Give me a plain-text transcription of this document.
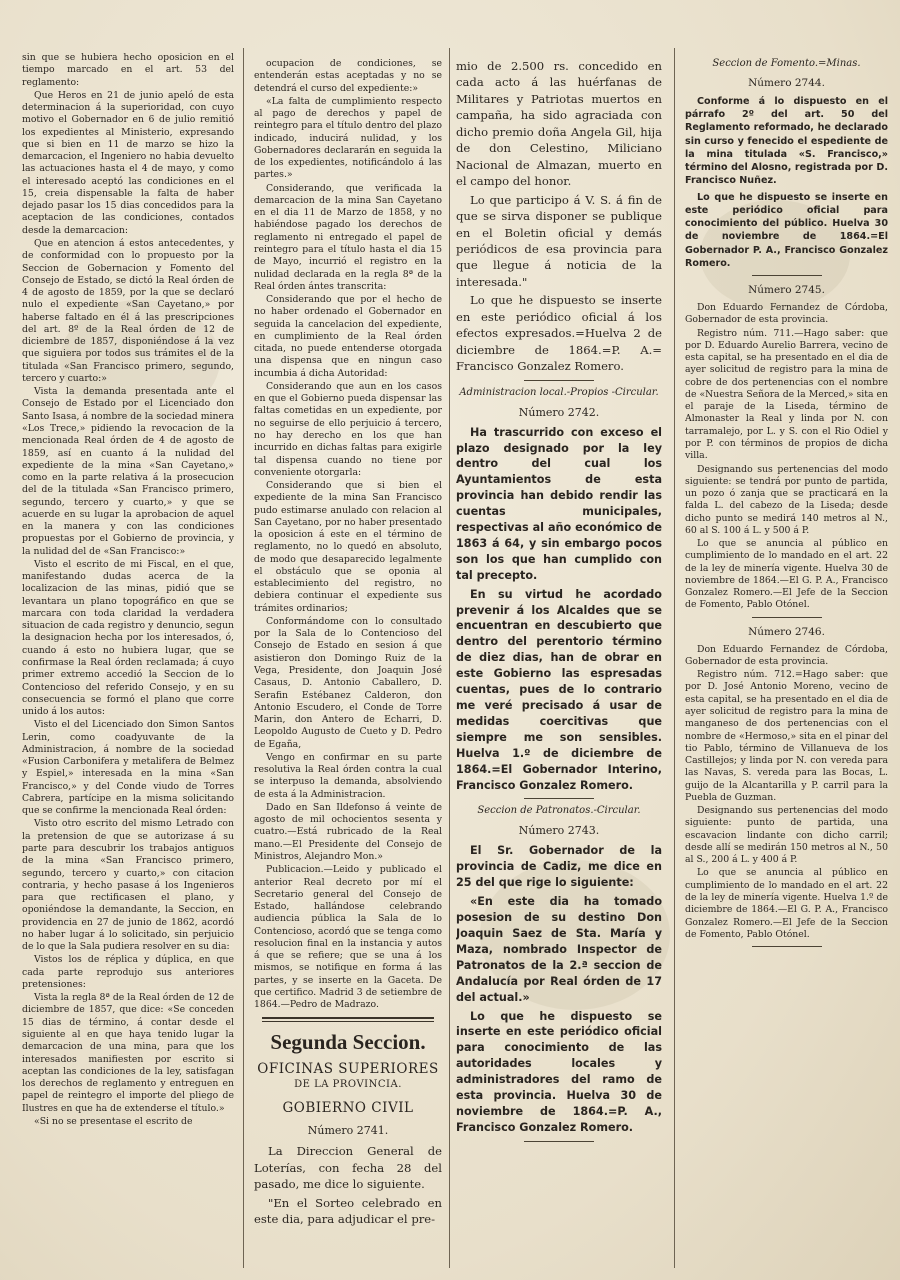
sin que se hubiera hecho oposicion en el tiempo marcado en el art. 53 del reglamento:

Que Heros en 21 de junio apeló de esta determinacion á la superioridad, con cuyo motivo el Gobernador en 6 de julio remitió los expedientes al Ministerio, expresando que si bien en 11 de marzo se hizo la demarcacion, el Ingeniero no habia devuelto las actuaciones hasta el 4 de mayo, y como el interesado aceptó las condiciones en el 15, creia dispensable la falta de haber dejado pasar los 15 dias concedidos para la aceptacion de las condiciones, contados desde la demarcacion:

Que en atencion á estos antecedentes, y de conformidad con lo propuesto por la Seccion de Gobernacion y Fomento del Consejo de Estado, se dictó la Real órden de 4 de agosto de 1859, por la que se declaró nulo el expediente «San Cayetano,» por haberse faltado en él á las prescripciones del art. 8º de la Real órden de 12 de diciembre de 1857, disponiéndose á la vez que siguiera por todos sus trámites el de la titulada «San Francisco primero, segundo, tercero y cuarto:»

Vista la demanda presentada ante el Consejo de Estado por el Licenciado don Santo Isasa, á nombre de la sociedad minera «Los Trece,» pidiendo la revocacion de la mencionada Real órden de 4 de agosto de 1859, así en cuanto á la nulidad del expediente de la mina «San Cayetano,» como en la parte relativa á la prosecucion del de la titulada «San Francisco primero, segundo, tercero y cuarto,» y que se acuerde en su lugar la aprobacion de aquel en la manera y con las condiciones propuestas por el Gobierno de provincia, y la nulidad del de «San Francisco:»

Visto el escrito de mi Fiscal, en el que, manifestando dudas acerca de la localizacion de las minas, pidió que se levantara un plano topográfico en que se marcara con toda claridad la verdadera situacion de cada registro y denuncio, segun la designacion hecha por los interesados, ó, cuando á esto no hubiera lugar, que se confirmase la Real órden reclamada; á cuyo primer extremo accedió la Seccion de lo Contencioso del referido Consejo, y en su consecuencia se formó el plano que corre unido á los autos:

Visto el del Licenciado don Simon Santos Lerin, como coadyuvante de la Administracion, á nombre de la sociedad «Fusion Carbonifera y metalifera de Belmez y Espiel,» interesada en la mina «San Francisco,» y del Conde viudo de Torres Cabrera, partícipe en la misma solicitando que se confirme la mencionada Real órden:

Visto otro escrito del mismo Letrado con la pretension de que se autorizase á su parte para descubrir los trabajos antiguos de la mina «San Francisco primero, segundo, tercero y cuarto,» con citacion contraria, y hecho pasase á los Ingenieros para que rectificasen el plano, y oponiéndose la demandante, la Seccion, en providencia en 27 de junio de 1862, acordó no haber lugar á lo solicitado, sin perjuicio de lo que la Sala pudiera resolver en su dia:

Vistos los de réplica y dúplica, en que cada parte reprodujo sus anteriores pretensiones:

Vista la regla 8ª de la Real órden de 12 de diciembre de 1857, que dice: «Se conceden 15 dias de término, á contar desde el siguiente al en que haya tenido lugar la demarcacion de una mina, para que los interesados manifiesten por escrito si aceptan las condiciones de la ley, satisfagan los derechos de reglamento y entreguen en papel de reintegro el importe del pliego de Ilustres en que ha de extenderse el título.»

«Si no se presentase el escrito de

ocupacion de condiciones, se entenderán estas aceptadas y no se detendrá el curso del expediente:»

«La falta de cumplimiento respecto al pago de derechos y papel de reintegro para el título dentro del plazo indicado, inducirá nulidad, y los Gobernadores declararán en seguida la de los expedientes, notificándolo á las partes.»

Considerando, que verificada la demarcacion de la mina San Cayetano en el dia 11 de Marzo de 1858, y no habiéndose pagado los derechos de reglamento ni entregado el papel de reintegro para el título hasta el dia 15 de Mayo, incurrió el registro en la nulidad declarada en la regla 8ª de la Real órden ántes transcrita:

Considerando que por el hecho de no haber ordenado el Gobernador en seguida la cancelacion del expediente, en cumplimiento de la Real órden citada, no puede entenderse otorgada una dispensa que en ningun caso incumbia á dicha Autoridad:

Considerando que aun en los casos en que el Gobierno pueda dispensar las faltas cometidas en un expediente, por no seguirse de ello perjuicio á tercero, no hay derecho en los que han incurrido en dichas faltas para exigirle tal dispensa cuando no tiene por conveniente otorgarla:

Considerando que si bien el expediente de la mina San Francisco pudo estimarse anulado con relacion al San Cayetano, por no haber presentado la oposicion á este en el término de reglamento, no lo quedó en absoluto, de modo que desaparecido legalmente el obstáculo que se oponia al establecimiento del registro, no debiera continuar el expediente sus trámites ordinarios;

Conformándome con lo consultado por la Sala de lo Contencioso del Consejo de Estado en sesion á que asistieron don Domingo Ruiz de la Vega, Presidente, don Joaquin José Casaus, D. Antonio Caballero, D. Serafin Estébanez Calderon, don Antonio Escudero, el Conde de Torre Marin, don Antero de Echarri, D. Leopoldo Augusto de Cueto y D. Pedro de Egaña,

Vengo en confirmar en su parte resolutiva la Real órden contra la cual se interpuso la demanda, absolviendo de esta á la Administracion.

Dado en San Ildefonso á veinte de agosto de mil ochocientos sesenta y cuatro.—Está rubricado de la Real mano.—El Presidente del Consejo de Ministros, Alejandro Mon.»

Publicacion.—Leido y publicado el anterior Real decreto por mí el Secretario general del Consejo de Estado, hallándose celebrando audiencia pública la Sala de lo Contencioso, acordó que se tenga como resolucion final en la instancia y autos á que se refiere; que se una á los mismos, se notifique en forma á las partes, y se inserte en la Gaceta. De que certifico. Madrid 3 de setiembre de 1864.—Pedro de Madrazo.

Segunda Seccion.
OFICINAS SUPERIORES
DE LA PROVINCIA.
GOBIERNO CIVIL
Número 2741.

La Direccion General de Loterías, con fecha 28 del pasado, me dice lo siguiente.

"En el Sorteo celebrado en este dia, para adjudicar el pre-

mio de 2.500 rs. concedido en cada acto á las huérfanas de Militares y Patriotas muertos en campaña, ha sido agraciada con dicho premio doña Angela Gil, hija de don Celestino, Miliciano Nacional de Almazan, muerto en el campo del honor.

Lo que participo á V. S. á fin de que se sirva disponer se publique en el Boletin oficial y demás periódicos de esa provincia para que llegue á noticia de la interesada."

Lo que he dispuesto se inserte en este periódico oficial á los efectos expresados.=Huelva 2 de diciembre de 1864.=P. A.= Francisco Gonzalez Romero.

Administracion local.-Propios -Circular.
Número 2742.

Ha trascurrido con exceso el plazo designado por la ley dentro del cual los Ayuntamientos de esta provincia han debido rendir las cuentas municipales, respectivas al año económico de 1863 á 64, y sin embargo pocos son los que han cumplido con tal precepto.

En su virtud he acordado prevenir á los Alcaldes que se encuentran en descubierto que dentro del perentorio término de diez dias, han de obrar en este Gobierno las espresadas cuentas, pues de lo contrario me veré precisado á usar de medidas coercitivas que siempre me son sensibles. Huelva 1.º de diciembre de 1864.=El Gobernador Interino, Francisco Gonzalez Romero.

Seccion de Patronatos.-Circular.
Número 2743.

El Sr. Gobernador de la provincia de Cadiz, me dice en 25 del que rige lo siguiente:

«En este dia ha tomado posesion de su destino Don Joaquin Saez de Sta. María y Maza, nombrado Inspector de Patronatos de la 2.ª seccion de Andalucía por Real órden de 17 del actual.»

Lo que he dispuesto se inserte en este periódico oficial para conocimiento de las autoridades locales y administradores del ramo de esta provincia. Huelva 30 de noviembre de 1864.=P. A., Francisco Gonzalez Romero.

Seccion de Fomento.=Minas.
Número 2744.

Conforme á lo dispuesto en el párrafo 2º del art. 50 del Reglamento reformado, he declarado sin curso y fenecido el espediente de la mina titulada «S. Francisco,» término del Alosno, registrada por D. Francisco Nuñez.

Lo que he dispuesto se inserte en este periódico oficial para conocimiento del público. Huelva 30 de noviembre de 1864.=El Gobernador P. A., Francisco Gonzalez Romero.

Número 2745.

Don Eduardo Fernandez de Córdoba, Gobernador de esta provincia.

Registro núm. 711.—Hago saber: que por D. Eduardo Aurelio Barrera, vecino de esta capital, se ha presentado en el dia de ayer solicitud de registro para la mina de cobre de dos pertenencias con el nombre de «Nuestra Señora de la Merced,» sita en el paraje de la Liseda, término de Almonaster la Real y linda por N. con tarramalejo, por L. y S. con el Rio Odiel y por P. con términos de propios de dicha villa.

Designando sus pertenencias del modo siguiente: se tendrá por punto de partida, un pozo ó zanja que se practicará en la falda L. del cabezo de la Liseda; desde dicho punto se medirá 140 metros al N., 60 al S. 100 á L. y 500 á P.

Lo que se anuncia al público en cumplimiento de lo mandado en el art. 22 de la ley de minería vigente. Huelva 30 de noviembre de 1864.—El G. P. A., Francisco Gonzalez Romero.—El Jefe de la Seccion de Fomento, Pablo Otónel.

Número 2746.

Don Eduardo Fernandez de Córdoba, Gobernador de esta provincia.

Registro núm. 712.=Hago saber: que por D. José Antonio Moreno, vecino de esta capital, se ha presentado en el dia de ayer solicitud de registro para la mina de manganeso de dos pertenencias con el nombre de «Hermoso,» sita en el pinar del tio Pablo, término de Villanueva de los Castillejos; y linda por N. con vereda para las Navas, S. vereda para las Bocas, L. guijo de la Alcantarilla y P. carril para la Puebla de Guzman.

Designando sus pertenencias del modo siguiente: punto de partida, una escavacion lindante con dicho carril; desde allí se medirán 150 metros al N., 50 al S., 200 á L. y 400 á P.

Lo que se anuncia al público en cumplimiento de lo mandado en el art. 22 de la ley de minería vigente. Huelva 1.º de diciembre de 1864.—El G. P. A., Francisco Gonzalez Romero.—El Jefe de la Seccion de Fomento, Pablo Otónel.
